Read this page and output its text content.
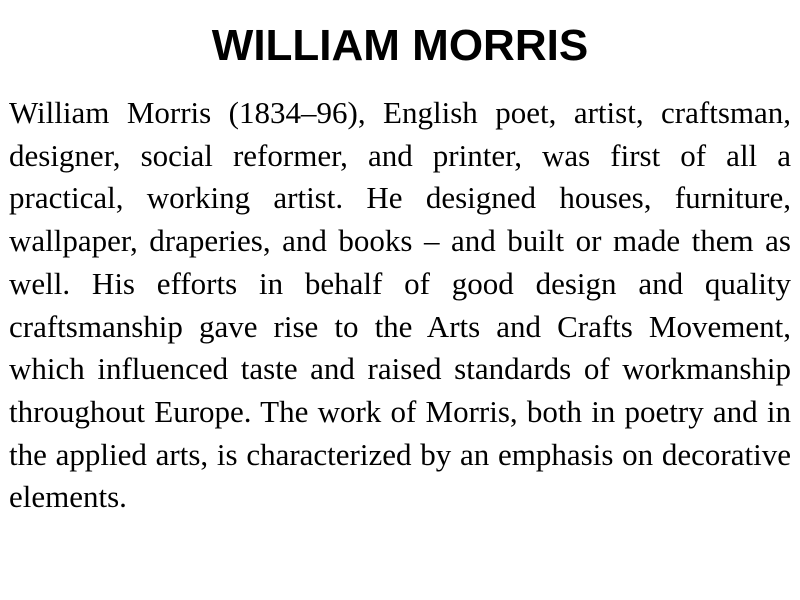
WILLIAM MORRIS

William Morris (1834–96), English poet, artist, craftsman, designer, social reformer, and printer, was first of all a practical, working artist. He designed houses, furniture, wallpaper, draperies, and books – and built or made them as well. His efforts in behalf of good design and quality craftsmanship gave rise to the Arts and Crafts Movement, which influenced taste and raised standards of workmanship throughout Europe. The work of Morris, both in poetry and in the applied arts, is characterized by an emphasis on decorative elements.
